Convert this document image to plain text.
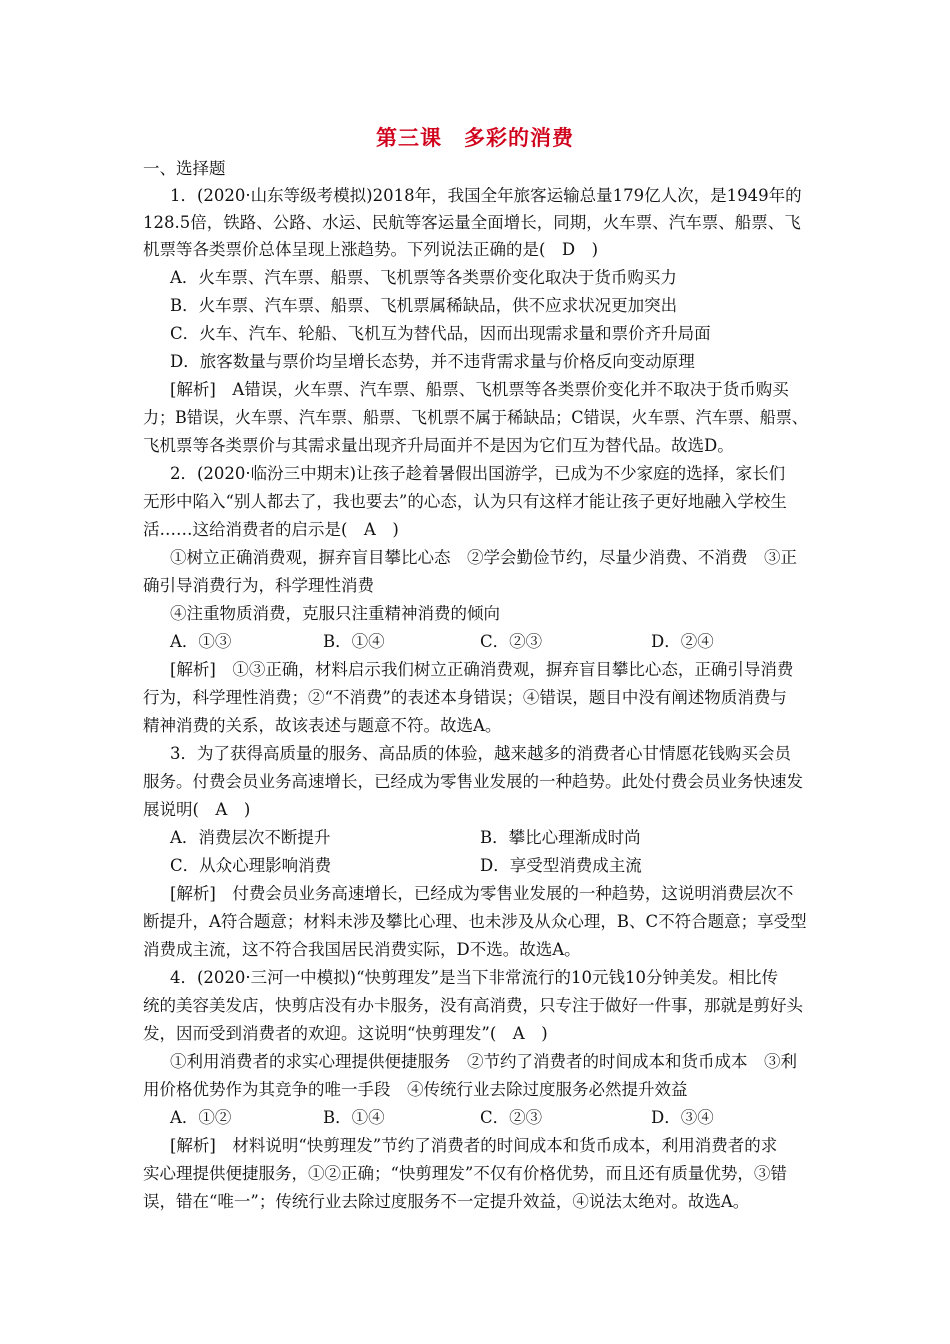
第三课 多彩的消费
一、选择题
1．(2020·山东等级考模拟)2018年，我国全年旅客运输总量179亿人次，是1949年的
128.5倍，铁路、公路、水运、民航等客运量全面增长，同期，火车票、汽车票、船票、飞
机票等各类票价总体呈现上涨趋势。下列说法正确的是(　D　)
A．火车票、汽车票、船票、飞机票等各类票价变化取决于货币购买力
B．火车票、汽车票、船票、飞机票属稀缺品，供不应求状况更加突出
C．火车、汽车、轮船、飞机互为替代品，因而出现需求量和票价齐升局面
D．旅客数量与票价均呈增长态势，并不违背需求量与价格反向变动原理
[解析]　A错误，火车票、汽车票、船票、飞机票等各类票价变化并不取决于货币购买
力；B错误，火车票、汽车票、船票、飞机票不属于稀缺品；C错误，火车票、汽车票、船票、
飞机票等各类票价与其需求量出现齐升局面并不是因为它们互为替代品。故选D。
2．(2020·临汾三中期末)让孩子趁着暑假出国游学，已成为不少家庭的选择，家长们
无形中陷入“别人都去了，我也要去”的心态，认为只有这样才能让孩子更好地融入学校生
活……这给消费者的启示是(　A　)
①树立正确消费观，摒弃盲目攀比心态　②学会勤俭节约，尽量少消费、不消费　③正
确引导消费行为，科学理性消费
④注重物质消费，克服只注重精神消费的倾向
A．①③	B．①④	C．②③	D．②④
[解析]　①③正确，材料启示我们树立正确消费观，摒弃盲目攀比心态，正确引导消费
行为，科学理性消费；②“不消费”的表述本身错误；④错误，题目中没有阐述物质消费与
精神消费的关系，故该表述与题意不符。故选A。
3．为了获得高质量的服务、高品质的体验，越来越多的消费者心甘情愿花钱购买会员
服务。付费会员业务高速增长，已经成为零售业发展的一种趋势。此处付费会员业务快速发
展说明(　A　)
A．消费层次不断提升	B．攀比心理渐成时尚
C．从众心理影响消费	D．享受型消费成主流
[解析]　付费会员业务高速增长，已经成为零售业发展的一种趋势，这说明消费层次不
断提升，A符合题意；材料未涉及攀比心理、也未涉及从众心理，B、C不符合题意；享受型
消费成主流，这不符合我国居民消费实际，D不选。故选A。
4．(2020·三河一中模拟)“快剪理发”是当下非常流行的10元钱10分钟美发。相比传
统的美容美发店，快剪店没有办卡服务，没有高消费，只专注于做好一件事，那就是剪好头
发，因而受到消费者的欢迎。这说明“快剪理发”(　A　)
①利用消费者的求实心理提供便捷服务　②节约了消费者的时间成本和货币成本　③利
用价格优势作为其竞争的唯一手段　④传统行业去除过度服务必然提升效益
A．①②	B．①④	C．②③	D．③④
[解析]　材料说明“快剪理发”节约了消费者的时间成本和货币成本，利用消费者的求
实心理提供便捷服务，①②正确；“快剪理发”不仅有价格优势，而且还有质量优势，③错
误，错在“唯一”；传统行业去除过度服务不一定提升效益，④说法太绝对。故选A。
